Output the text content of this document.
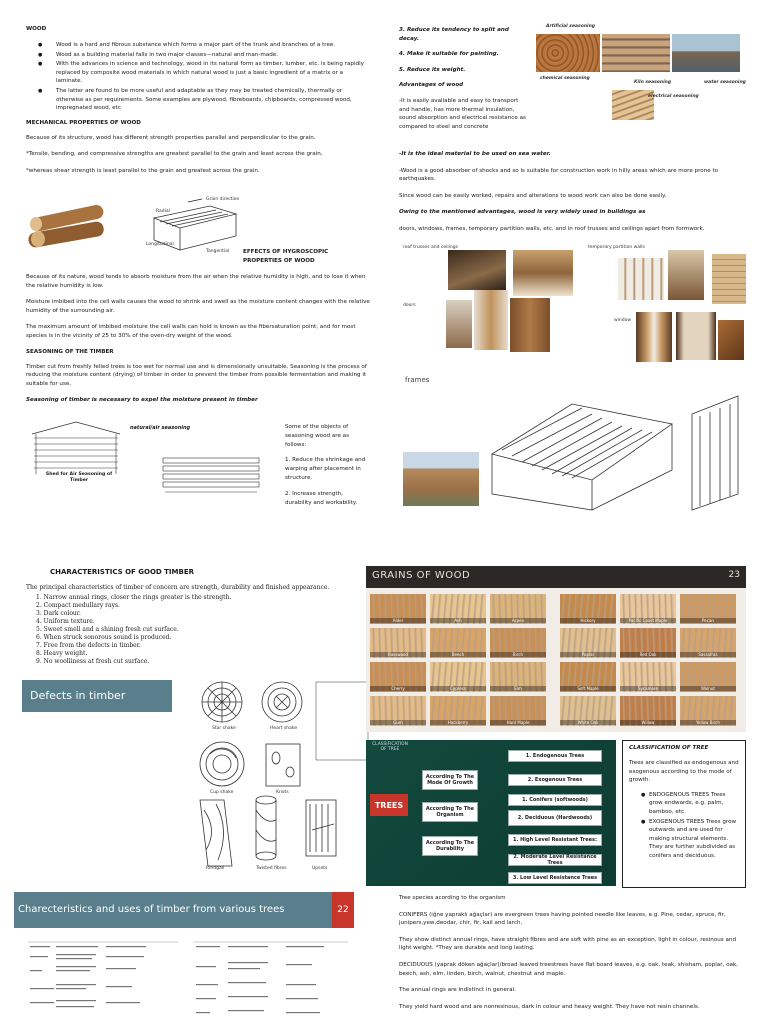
WOOD
● Wood is a hard and fibrous substance which forms a major part of the trunk and branches of a tree.
● Wood as a building material falls in two major classes—natural and man-made.
● With the advances in science and technology, wood in its natural form as timber, lumber, etc. is being rapidly replaced by composite wood materials in which natural wood is just a basic ingredient of a matrix or a laminate.
● The latter are found to be more useful and adaptable as they may be treated chemically, thermally or otherwise as per requirements. Some examples are plywood, fibreboards, chipboards, compressed wood, impregnated wood, etc
MECHANICAL PROPERTIES OF WOOD

Because of its structure, wood has different strength properties parallel and perpendicular to the grain.

*Tensile, bending, and compressive strengths are greatest parallel to the grain and least across the grain,

*whereas shear strength is least parallel to the grain and greatest across the grain.

Grain direction
Radial
Longitudinal
Tangential EFFECTS OF HYGROSCOPIC PROPERTIES OF WOOD

Because of its nature, wood tends to absorb moisture from the air when the relative humidity is high, and to lose it when the relative humidity is low.

Moisture imbibed into the cell walls causes the wood to shrink and swell as the moisture content changes with the relative humidity of the surrounding air.

The maximum amount of imbibed moisture the cell walls can hold is known as the fibersaturation point, and for most species is in the vicinity of 25 to 30% of the oven-dry weight of the wood.

SEASONING OF THE TIMBER

Timber cut from freshly felled trees is too wet for normal use and is dimensionally unsuitable. Seasoning is the process of reducing the moisture content (drying) of timber in order to prevent the timber from possible fermentation and making it suitable for use.

Seasoning of timber is necessary to expel the moisture present in timber

Shed for Air Seasoning of Timber
natural/air seasoning	Some of the objects of seasoning wood are as follows:

1. Reduce the shrinkage and warping after placement in structure.

2. Increase strength, durability and workability.

3. Reduce its tendency to split and decay.

4. Make it suitable for painting.

5. Reduce its weight.

Advantages of wood

-It is easily available and easy to transport and handle, has more thermal insulation, sound absorption and electrical resistance as compared to steel and concrete

Artificial seasoning
chemical seasoning
Kiln seasoning	water seasoning
electrical seasoning

-It is the ideal material to be used on sea water.

-Wood is a good absorber of shocks and so is suitable for construction work in hilly areas which are more prone to earthquakes.

Since wood can be easily worked, repairs and alterations to wood work can also be done easily.

Owing to the mentioned advantages, wood is very widely used in buildings as

doors, windows, frames, temporary partition walls, etc. and in roof trusses and ceilings apart from formwork.

roof trusses and ceilings	temporary partition walls
doors
window
frames
CHARACTERISTICS OF GOOD TIMBER
The principal characteristics of timber of concern are strength, durability and finished appearance.
1. Narrow annual rings, closer the rings greater is the strength.
2. Compact medullary rays.
3. Dark colour.
4. Uniform texture.
5. Sweet smell and a shining fresh cut surface.
6. When struck sonorous sound is produced.
7. Free from the defects in timber.
8. Heavy weight.
9. No woolliness at fresh cut surface.
Defects in timber
Star shake	Heart shake
Cup shake	Knots
Rindgall	Twisted fibres	Upsets
GRAINS OF WOOD	23
Alder	Ash	Aspen	Hickory	Pacific Coast Maple	Pecan
Basswood	Beech	Birch	Poplar	Red Oak	Sassafras
Cherry	Cypress	Elm	Soft Maple	Sycamore	Walnut
Gum	Hackberry	Hard Maple	White Oak	Willow	Yellow Birch
CLASSIFICATION OF TREE
TREES
According To The Mode Of Growth
According To The Organism
According To The Durability
1. Endogenous Trees
2. Exogenous Trees
1. Conifers (softwoods)
2. Deciduous (Hardwoods)
1. High Level Resistant Trees:
2. Moderate Level Resistance Trees
3. Low Level Resistance Trees
CLASSIFICATION OF TREE

Trees are classified as endogenous and exogenous according to the mode of growth.

● ENDOGENOUS TREES Trees grow endwards, e.g. palm, bamboo, etc.
● EXOGENOUS TREES Trees grow outwards and are used for making structural elements. They are further subdivided as conifers and deciduous.
Charecteristics and uses of timber from various trees	22

Tree species acording to the organism

CONIFERS (iğne yapraklı ağaçlar) are evergreen trees having pointed needle like leaves, e.g. Pine, cedar, spruce, fir, junipers,yew,deodar, chir, fir, kail and larch.

They show distinct annual rings, have straight fibres and are soft with pine as an exception, light in colour, resinous and light weight. *They are durable and long lasting.

DECIDUOUS (yaprak döken ağaçlar)/broad leaved treestrees have flat board leaves, e.g. oak, teak, shisham, poplar, oak, beech, ash, elm, linden, birch, walnut, chestnut and maple.

The annual rings are indistinct in general.

They yield hard wood and are nonresinous, dark in colour and heavy weight. They have not resin channels.
